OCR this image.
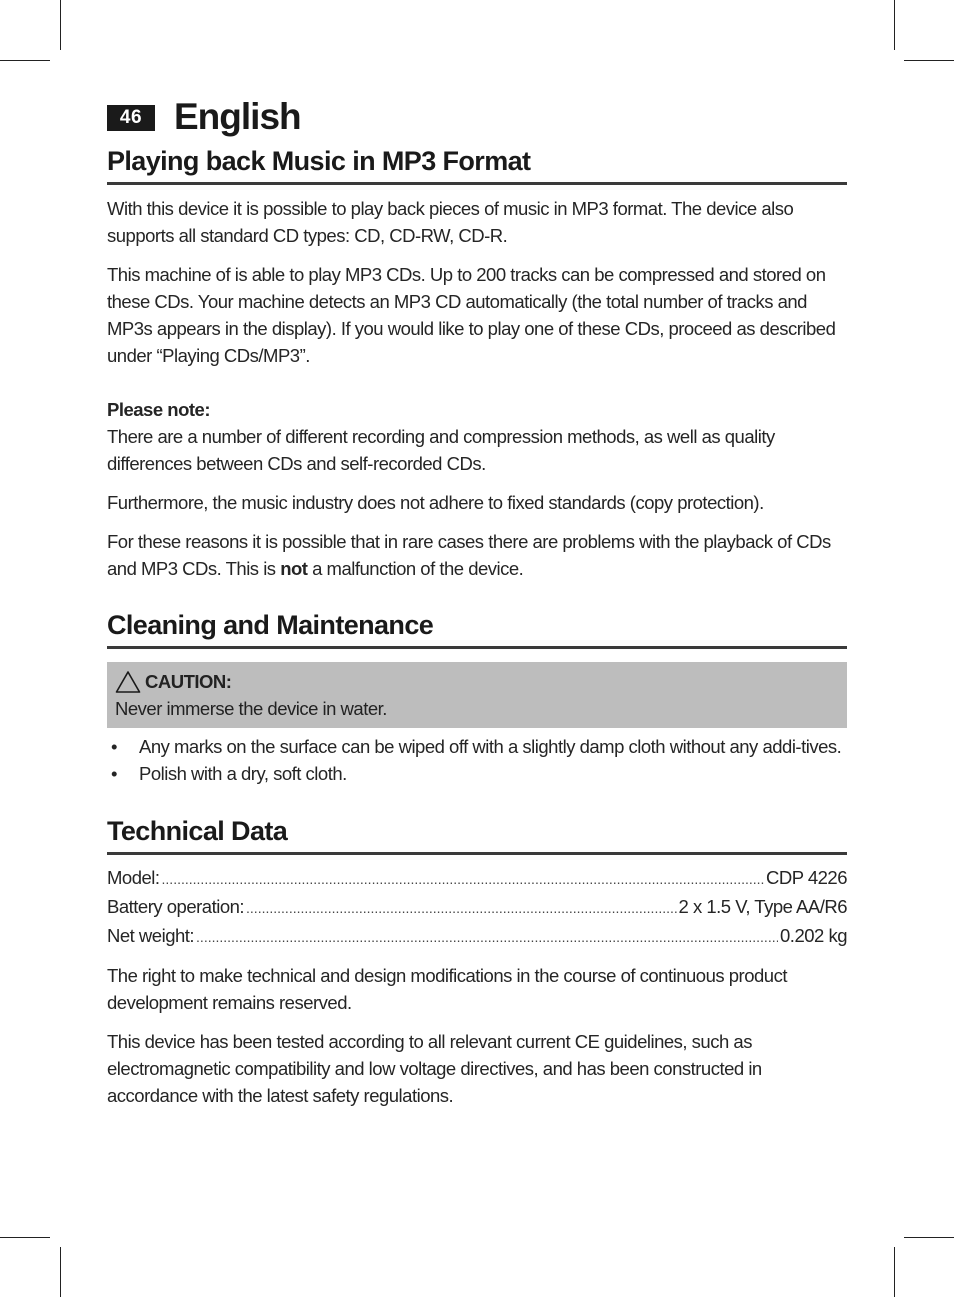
46 English
Playing back Music in MP3 Format

With this device it is possible to play back pieces of music in MP3 format. The device also supports all standard CD types: CD, CD-RW, CD-R.

This machine of is able to play MP3 CDs. Up to 200 tracks can be compressed and stored on these CDs. Your machine detects an MP3 CD automatically (the total number of tracks and MP3s appears in the display). If you would like to play one of these CDs, proceed as described under “Playing CDs/MP3”.

Please note:

There are a number of different recording and compression methods, as well as quality differences between CDs and self-recorded CDs.

Furthermore, the music industry does not adhere to fixed standards (copy protection).

For these reasons it is possible that in rare cases there are problems with the playback of CDs and MP3 CDs. This is not a malfunction of the device.

Cleaning and Maintenance
CAUTION:
Never immerse the device in water.
• Any marks on the surface can be wiped off with a slightly damp cloth without any addi-tives.
• Polish with a dry, soft cloth.
Technical Data
Model: .....	CDP 4226
Battery operation: .....	2 x 1.5 V, Type AA/R6
Net weight: .....	0.202 kg

The right to make technical and design modifications in the course of continuous product development remains reserved.

This device has been tested according to all relevant current CE guidelines, such as electromagnetic compatibility and low voltage directives, and has been constructed in accordance with the latest safety regulations.
